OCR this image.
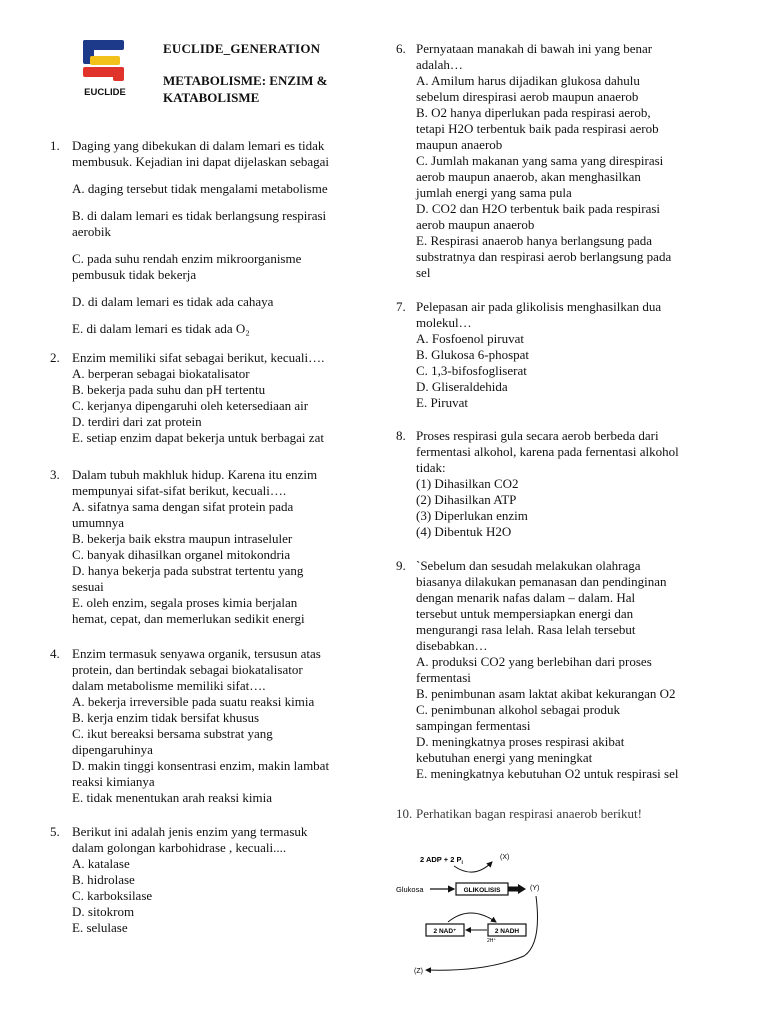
EUCLIDE
EUCLIDE_GENERATION
METABOLISME: ENZIM &
KATABOLISME
1. Daging yang dibekukan di dalam lemari es tidak
membusuk. Kejadian ini dapat dijelaskan sebagai
A. daging tersebut tidak mengalami metabolisme
B. di dalam lemari es tidak berlangsung respirasi
aerobik
C. pada suhu rendah enzim mikroorganisme
pembusuk tidak bekerja
D. di dalam lemari es tidak ada cahaya
E. di dalam lemari es tidak ada O₂
2. Enzim memiliki sifat sebagai berikut, kecuali….
A. berperan sebagai biokatalisator
B. bekerja pada suhu dan pH tertentu
C. kerjanya dipengaruhi oleh ketersediaan air
D. terdiri dari zat protein
E. setiap enzim dapat bekerja untuk berbagai zat
3. Dalam tubuh makhluk hidup. Karena itu enzim
mempunyai sifat-sifat berikut, kecuali….
A. sifatnya sama dengan sifat protein pada
umumnya
B. bekerja baik ekstra maupun intraseluler
C. banyak dihasilkan organel mitokondria
D. hanya bekerja pada substrat tertentu yang
sesuai
E. oleh enzim, segala proses kimia berjalan
hemat, cepat, dan memerlukan sedikit energi
4. Enzim termasuk senyawa organik, tersusun atas
protein, dan bertindak sebagai biokatalisator
dalam metabolisme memiliki sifat….
A. bekerja irreversible pada suatu reaksi kimia
B. kerja enzim tidak bersifat khusus
C. ikut bereaksi bersama substrat yang
dipengaruhinya
D. makin tinggi konsentrasi enzim, makin lambat
reaksi kimianya
E. tidak menentukan arah reaksi kimia
5. Berikut ini adalah jenis enzim yang termasuk
dalam golongan karbohidrase , kecuali....
A. katalase
B. hidrolase
C. karboksilase
D. sitokrom
E. selulase
6. Pernyataan manakah di bawah ini yang benar
adalah…
A. Amilum harus dijadikan glukosa dahulu
sebelum direspirasi aerob maupun anaerob
B. O2 hanya diperlukan pada respirasi aerob,
tetapi H2O terbentuk baik pada respirasi aerob
maupun anaerob
C. Jumlah makanan yang sama yang direspirasi
aerob maupun anaerob, akan menghasilkan
jumlah energi yang sama pula
D. CO2 dan H2O terbentuk baik pada respirasi
aerob maupun anaerob
E. Respirasi anaerob hanya berlangsung pada
substratnya dan respirasi aerob berlangsung pada
sel
7. Pelepasan air pada glikolisis menghasilkan dua
molekul…
A. Fosfoenol piruvat
B. Glukosa 6-phospat
C. 1,3-bifosfogliserat
D. Gliseraldehida
E. Piruvat
8. Proses respirasi gula secara aerob berbeda dari
fermentasi alkohol, karena pada fernentasi alkohol
tidak:
(1) Dihasilkan CO2
(2) Dihasilkan ATP
(3) Diperlukan enzim
(4) Dibentuk H2O
9. `Sebelum dan sesudah melakukan olahraga
biasanya dilakukan pemanasan dan pendinginan
dengan menarik nafas dalam – dalam. Hal
tersebut untuk mempersiapkan energi dan
mengurangi rasa lelah. Rasa lelah tersebut
disebabkan…
A. produksi CO2 yang berlebihan dari proses
fermentasi
B. penimbunan asam laktat akibat kekurangan O2
C. penimbunan alkohol sebagai produk
sampingan fermentasi
D. meningkatnya proses respirasi akibat
kebutuhan energi yang meningkat
E. meningkatnya kebutuhan O2 untuk respirasi sel
10. Perhatikan bagan respirasi anaerob berikut!
2 ADP + 2 $P_i$
(X)
Glukosa	GLIKOLISIS	(Y)
2 NAD⁺	2 NADH
2H⁺
(Z)
